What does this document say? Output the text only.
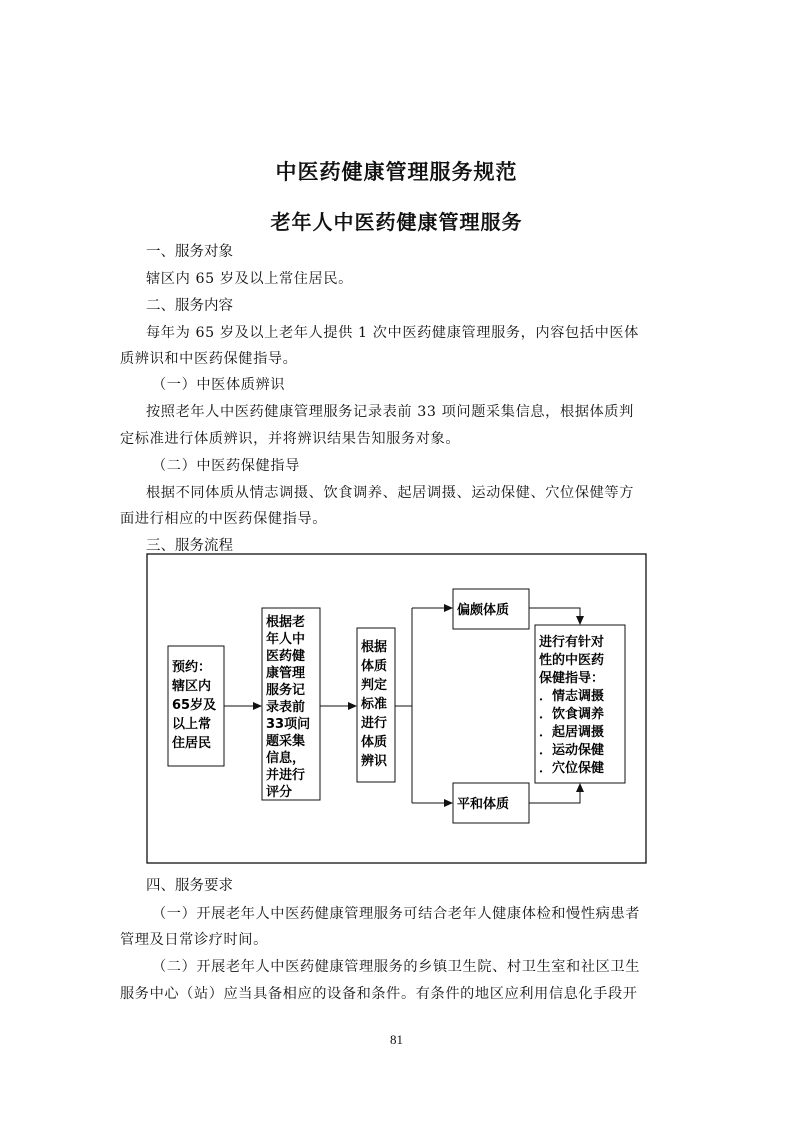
中医药健康管理服务规范
老年人中医药健康管理服务
一、服务对象
辖区内 65 岁及以上常住居民。
二、服务内容
每年为 65 岁及以上老年人提供 1 次中医药健康管理服务，内容包括中医体
质辨识和中医药保健指导。
（一）中医体质辨识
按照老年人中医药健康管理服务记录表前 33 项问题采集信息，根据体质判
定标准进行体质辨识，并将辨识结果告知服务对象。
（二）中医药保健指导
根据不同体质从情志调摄、饮食调养、起居调摄、运动保健、穴位保健等方
面进行相应的中医药保健指导。
三、服务流程
预约： 辖区内 65岁及 以上常 住居民
根据老 年人中 医药健 康管理 服务记 录表前 33项问 题采集 信息， 并进行 评分
根据 体质 判定 标准 进行 体质 辨识
偏颇体质
平和体质
进行有针对 性的中医药 保健指导： ．情志调摄 ．饮食调养 ．起居调摄 ．运动保健 ．穴位保健
四、服务要求
（一）开展老年人中医药健康管理服务可结合老年人健康体检和慢性病患者
管理及日常诊疗时间。
（二）开展老年人中医药健康管理服务的乡镇卫生院、村卫生室和社区卫生
服务中心（站）应当具备相应的设备和条件。有条件的地区应利用信息化手段开
81
